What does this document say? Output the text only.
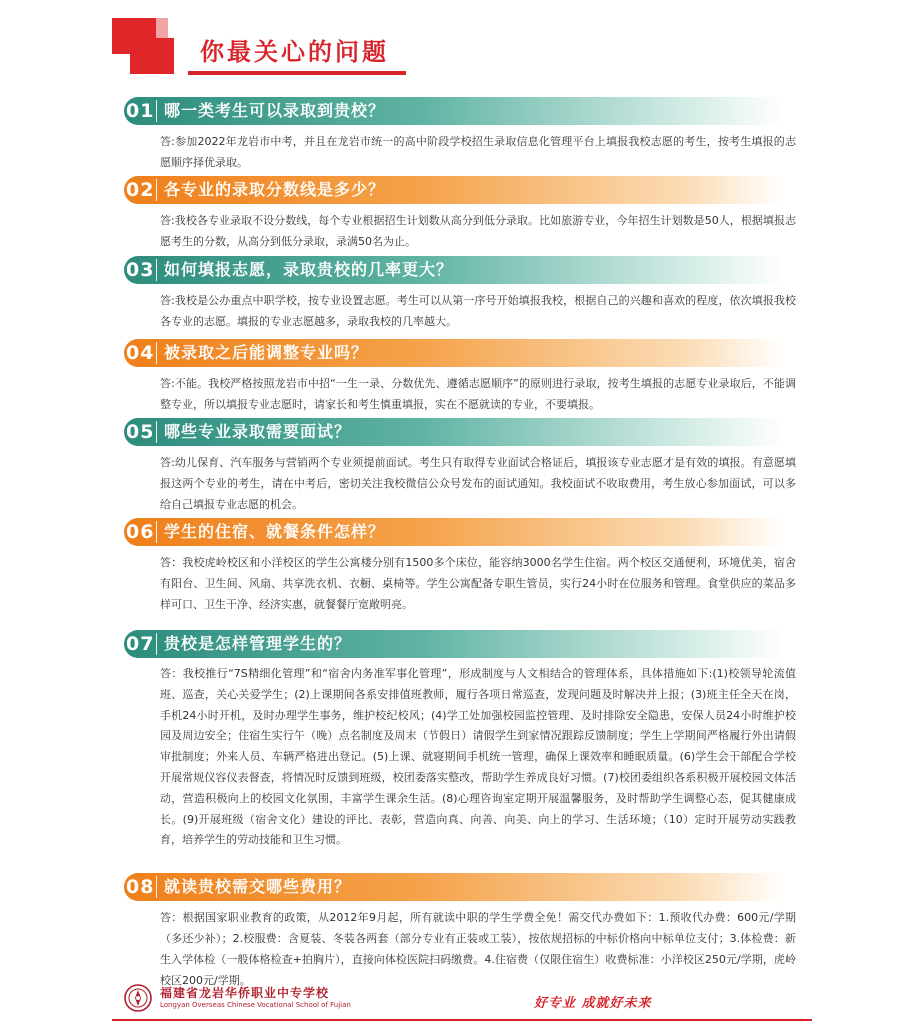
你最关心的问题
01 哪一类考生可以录取到贵校？

答:参加2022年龙岩市中考，并且在龙岩市统一的高中阶段学校招生录取信息化管理平台上填报我校志愿的考生，按考生填报的志愿顺序择优录取。

02 各专业的录取分数线是多少？

答:我校各专业录取不设分数线，每个专业根据招生计划数从高分到低分录取。比如旅游专业，今年招生计划数是50人，根据填报志愿考生的分数，从高分到低分录取，录满50名为止。

03 如何填报志愿，录取贵校的几率更大？

答:我校是公办重点中职学校，按专业设置志愿。考生可以从第一序号开始填报我校，根据自己的兴趣和喜欢的程度，依次填报我校各专业的志愿。填报的专业志愿越多，录取我校的几率越大。

04 被录取之后能调整专业吗？

答:不能。我校严格按照龙岩市中招“一生一录、分数优先、遵循志愿顺序”的原则进行录取，按考生填报的志愿专业录取后，不能调整专业，所以填报专业志愿时，请家长和考生慎重填报，实在不愿就读的专业，不要填报。

05 哪些专业录取需要面试？

答:幼儿保育、汽车服务与营销两个专业须提前面试。考生只有取得专业面试合格证后，填报该专业志愿才是有效的填报。有意愿填报这两个专业的考生，请在中考后，密切关注我校微信公众号发布的面试通知。我校面试不收取费用，考生放心参加面试，可以多给自己填报专业志愿的机会。

06 学生的住宿、就餐条件怎样？

答：我校虎岭校区和小洋校区的学生公寓楼分别有1500多个床位，能容纳3000名学生住宿。两个校区交通便利，环境优美，宿舍有阳台、卫生间、风扇、共享洗衣机、衣橱、桌椅等。学生公寓配备专职生管员，实行24小时在位服务和管理。食堂供应的菜品多样可口、卫生干净、经济实惠，就餐餐厅宽敞明亮。

07 贵校是怎样管理学生的？

答：我校推行“7S精细化管理”和“宿舍内务准军事化管理”，形成制度与人文相结合的管理体系，具体措施如下:(1)校领导轮流值班、巡查，关心关爱学生；(2)上课期间各系安排值班教师，履行各项日常巡查，发现问题及时解决并上报；(3)班主任全天在岗，手机24小时开机，及时办理学生事务，维护校纪校风；(4)学工处加强校园监控管理、及时排除安全隐患，安保人员24小时维护校园及周边安全；住宿生实行午（晚）点名制度及周末（节假日）请假学生到家情况跟踪反馈制度；学生上学期间严格履行外出请假审批制度；外来人员、车辆严格进出登记。(5)上课、就寝期间手机统一管理，确保上课效率和睡眠质量。(6)学生会干部配合学校开展常规仪容仪表督查，将情况时反馈到班级，校团委落实整改，帮助学生养成良好习惯。(7)校团委组织各系积极开展校园文体活动，营造积极向上的校园文化氛围，丰富学生课余生活。(8)心理咨询室定期开展温馨服务，及时帮助学生调整心态，促其健康成长。(9)开展班级（宿舍文化）建设的评比、表彰，营造向真、向善、向美、向上的学习、生活环境；（10）定时开展劳动实践教育，培养学生的劳动技能和卫生习惯。

08 就读贵校需交哪些费用？

答：根据国家职业教育的政策，从2012年9月起，所有就读中职的学生学费全免！需交代办费如下：1.预收代办费：600元/学期（多还少补）；2.校服费：含夏装、冬装各两套（部分专业有正装或工装），按依规招标的中标价格向中标单位支付；3.体检费：新生入学体检（一般体格检查+拍胸片），直接向体检医院扫码缴费。4.住宿费（仅限住宿生）收费标准：小洋校区250元/学期，虎岭校区200元/学期。

福建省龙岩华侨职业中专学校

Longyan Overseas Chinese Vocational School of Fujian	好专业 成就好未来
